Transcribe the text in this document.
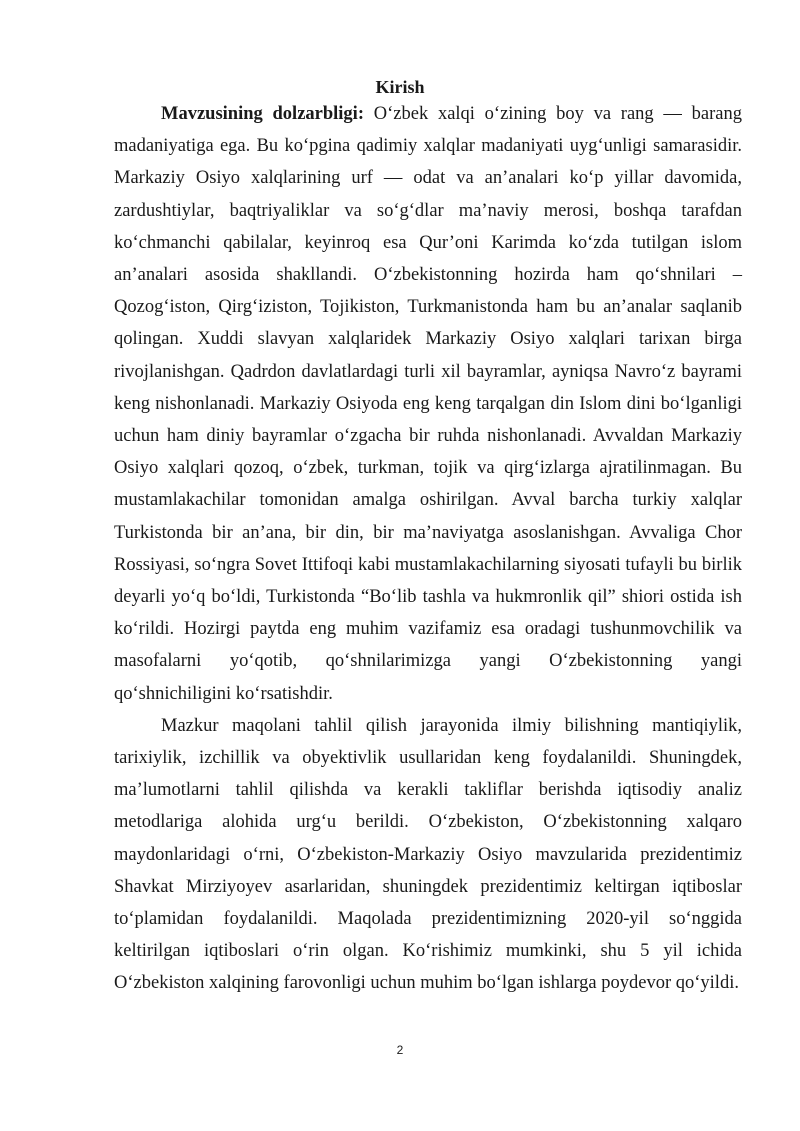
Kirish

Mavzusining dolzarbligi: O‘zbek xalqi o‘zining boy va rang — barang madaniyatiga ega. Bu ko‘pgina qadimiy xalqlar madaniyati uyg‘unligi samarasidir. Markaziy Osiyo xalqlarining urf — odat va an’analari ko‘p yillar davomida, zardushtiylar, baqtriyaliklar va so‘g‘dlar ma’naviy merosi, boshqa tarafdan ko‘chmanchi qabilalar, keyinroq esa Qur’oni Karimda ko‘zda tutilgan islom an’analari asosida shakllandi. O‘zbekistonning hozirda ham qo‘shnilari – Qozog‘iston, Qirg‘iziston, Tojikiston, Turkmanistonda ham bu an’analar saqlanib qolingan. Xuddi slavyan xalqlaridek Markaziy Osiyo xalqlari tarixan birga rivojlanishgan. Qadrdon davlatlardagi turli xil bayramlar, ayniqsa Navro‘z bayrami keng nishonlanadi. Markaziy Osiyoda eng keng tarqalgan din Islom dini bo‘lganligi uchun ham diniy bayramlar o‘zgacha bir ruhda nishonlanadi. Avvaldan Markaziy Osiyo xalqlari qozoq, o‘zbek, turkman, tojik va qirg‘izlarga ajratilinmagan. Bu mustamlakachilar tomonidan amalga oshirilgan. Avval barcha turkiy xalqlar Turkistonda bir an’ana, bir din, bir ma’naviyatga asoslanishgan. Avvaliga Chor Rossiyasi, so‘ngra Sovet Ittifoqi kabi mustamlakachilarning siyosati tufayli bu birlik deyarli yo‘q bo‘ldi, Turkistonda “Bo‘lib tashla va hukmronlik qil” shiori ostida ish ko‘rildi. Hozirgi paytda eng muhim vazifamiz esa oradagi tushunmovchilik va masofalarni yo‘qotib, qo‘shnilarimizga yangi O‘zbekistonning yangi qo‘shnichiligini ko‘rsatishdir.

Mazkur maqolani tahlil qilish jarayonida ilmiy bilishning mantiqiylik, tarixiylik, izchillik va obyektivlik usullaridan keng foydalanildi. Shuningdek, ma’lumotlarni tahlil qilishda va kerakli takliflar berishda iqtisodiy analiz metodlariga alohida urg‘u berildi. O‘zbekiston, O‘zbekistonning xalqaro maydonlaridagi o‘rni, O‘zbekiston-Markaziy Osiyo mavzularida prezidentimiz Shavkat Mirziyoyev asarlaridan, shuningdek prezidentimiz keltirgan iqtiboslar to‘plamidan foydalanildi. Maqolada prezidentimizning 2020-yil so‘nggida keltirilgan iqtiboslari o‘rin olgan. Ko‘rishimiz mumkinki, shu 5 yil ichida O‘zbekiston xalqining farovonligi uchun muhim bo‘lgan ishlarga poydevor qo‘yildi.

2
